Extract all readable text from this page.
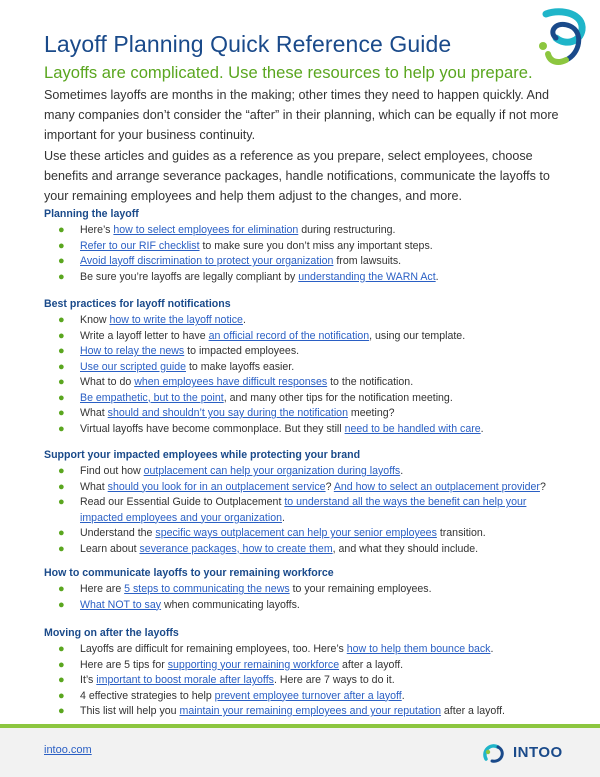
Layoff Planning Quick Reference Guide
Layoffs are complicated. Use these resources to help you prepare.

Sometimes layoffs are months in the making; other times they need to happen quickly. And many companies don’t consider the “after” in their planning, which can be equally if not more important for your business continuity.

Use these articles and guides as a reference as you prepare, select employees, choose benefits and arrange severance packages, handle notifications, communicate the layoffs to your remaining employees and help them adjust to the changes, and more.

Planning the layoff
● Here’s how to select employees for elimination during restructuring.
● Refer to our RIF checklist to make sure you don’t miss any important steps.
● Avoid layoff discrimination to protect your organization from lawsuits.
● Be sure you’re layoffs are legally compliant by understanding the WARN Act.
Best practices for layoff notifications
● Know how to write the layoff notice.
● Write a layoff letter to have an official record of the notification, using our template.
● How to relay the news to impacted employees.
● Use our scripted guide to make layoffs easier.
● What to do when employees have difficult responses to the notification.
● Be empathetic, but to the point, and many other tips for the notification meeting.
● What should and shouldn’t you say during the notification meeting?
● Virtual layoffs have become commonplace. But they still need to be handled with care.
Support your impacted employees while protecting your brand
● Find out how outplacement can help your organization during layoffs.
● What should you look for in an outplacement service? And how to select an outplacement provider?
● Read our Essential Guide to Outplacement to understand all the ways the benefit can help your impacted employees and your organization.
● Understand the specific ways outplacement can help your senior employees transition.
● Learn about severance packages, how to create them, and what they should include.
How to communicate layoffs to your remaining workforce
● Here are 5 steps to communicating the news to your remaining employees.
● What NOT to say when communicating layoffs.
Moving on after the layoffs
● Layoffs are difficult for remaining employees, too. Here’s how to help them bounce back.
● Here are 5 tips for supporting your remaining workforce after a layoff.
● It’s important to boost morale after layoffs. Here are 7 ways to do it.
● 4 effective strategies to help prevent employee turnover after a layoff.
● This list will help you maintain your remaining employees and your reputation after a layoff.
intoo.com	INTOO
